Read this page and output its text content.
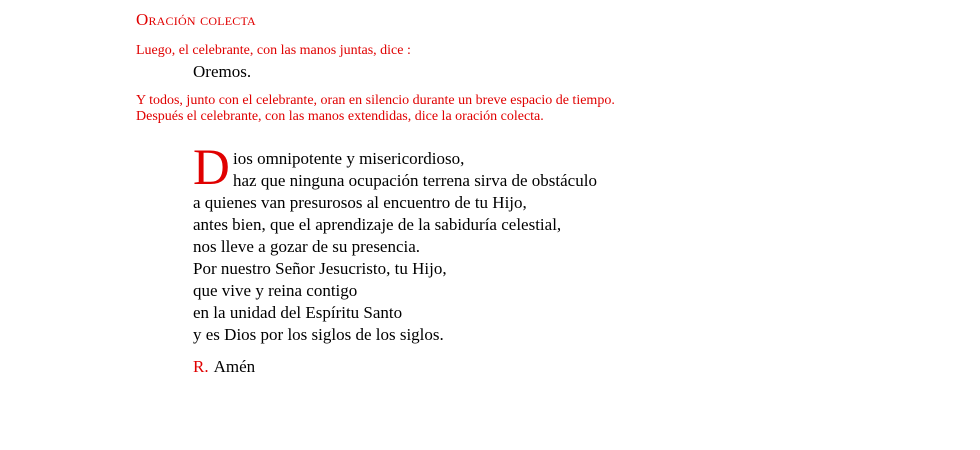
Oración colecta
Luego, el celebrante, con las manos juntas, dice :
Oremos.
Y todos, junto con el celebrante, oran en silencio durante un breve espacio de tiempo.
Después el celebrante, con las manos extendidas, dice la oración colecta.
D ios omnipotente y misericordioso,
haz que ninguna ocupación terrena sirva de obstáculo
a quienes van presurosos al encuentro de tu Hijo,
antes bien, que el aprendizaje de la sabiduría celestial,
nos lleve a gozar de su presencia.
Por nuestro Señor Jesucristo, tu Hijo,
que vive y reina contigo
en la unidad del Espíritu Santo
y es Dios por los siglos de los siglos.
R. Amén
